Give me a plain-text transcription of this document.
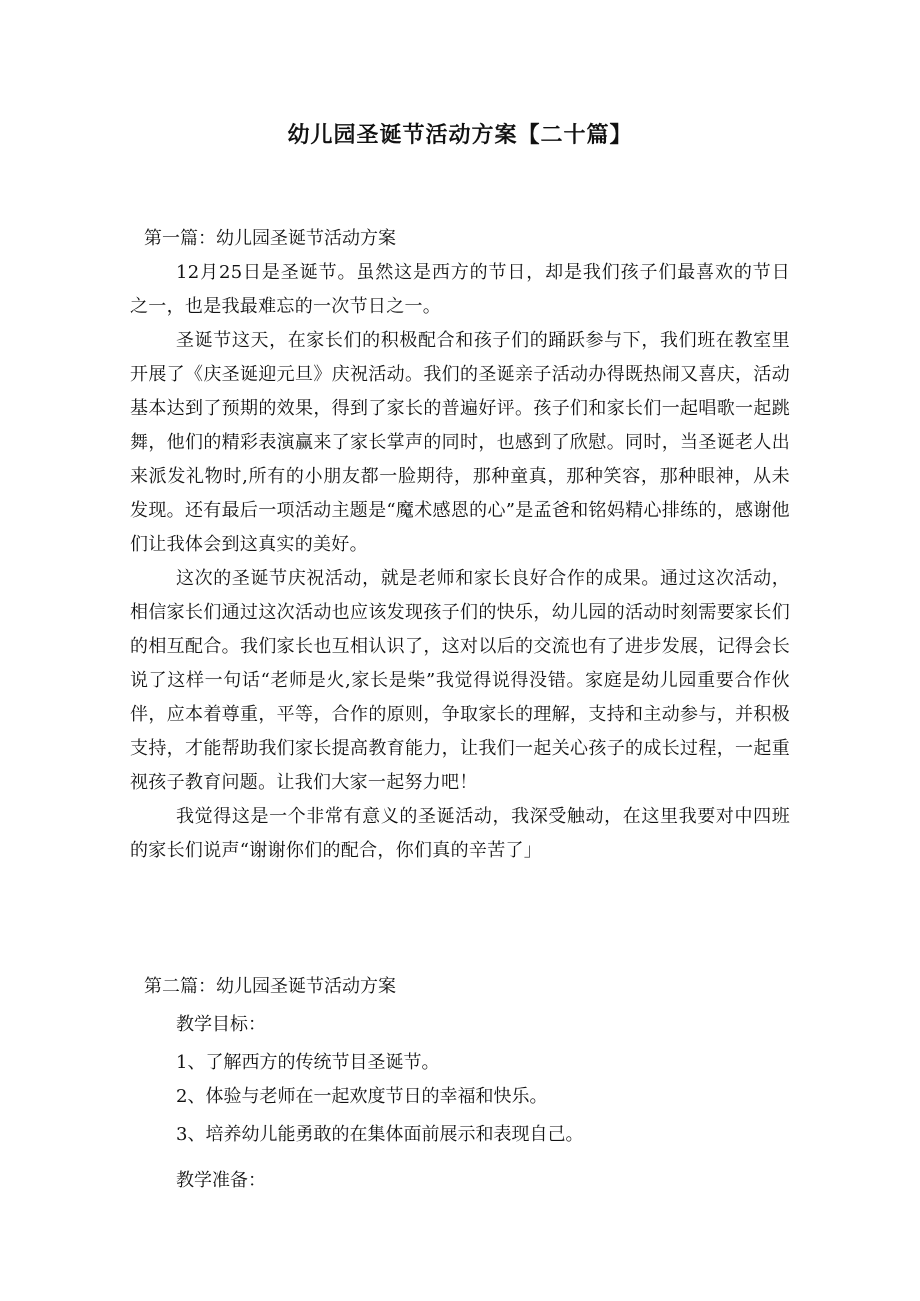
幼儿园圣诞节活动方案【二十篇】
第一篇：幼儿园圣诞节活动方案

12月25日是圣诞节。虽然这是西方的节日，却是我们孩子们最喜欢的节日之一，也是我最难忘的一次节日之一。

圣诞节这天，在家长们的积极配合和孩子们的踊跃参与下，我们班在教室里开展了《庆圣诞迎元旦》庆祝活动。我们的圣诞亲子活动办得既热闹又喜庆，活动基本达到了预期的效果，得到了家长的普遍好评。孩子们和家长们一起唱歌一起跳舞，他们的精彩表演赢来了家长掌声的同时，也感到了欣慰。同时，当圣诞老人出来派发礼物时,所有的小朋友都一脸期待，那种童真，那种笑容，那种眼神，从未发现。还有最后一项活动主题是“魔术感恩的心”是孟爸和铭妈精心排练的，感谢他们让我体会到这真实的美好。

这次的圣诞节庆祝活动，就是老师和家长良好合作的成果。通过这次活动，相信家长们通过这次活动也应该发现孩子们的快乐，幼儿园的活动时刻需要家长们的相互配合。我们家长也互相认识了，这对以后的交流也有了进步发展，记得会长说了这样一句话“老师是火,家长是柴”我觉得说得没错。家庭是幼儿园重要合作伙伴，应本着尊重，平等，合作的原则，争取家长的理解，支持和主动参与，并积极支持，才能帮助我们家长提高教育能力，让我们一起关心孩子的成长过程，一起重视孩子教育问题。让我们大家一起努力吧！

我觉得这是一个非常有意义的圣诞活动，我深受触动，在这里我要对中四班的家长们说声“谢谢你们的配合，你们真的辛苦了」

第二篇：幼儿园圣诞节活动方案
教学目标：
1、了解西方的传统节目圣诞节。
2、体验与老师在一起欢度节日的幸福和快乐。
3、培养幼儿能勇敢的在集体面前展示和表现自己。
教学准备：
